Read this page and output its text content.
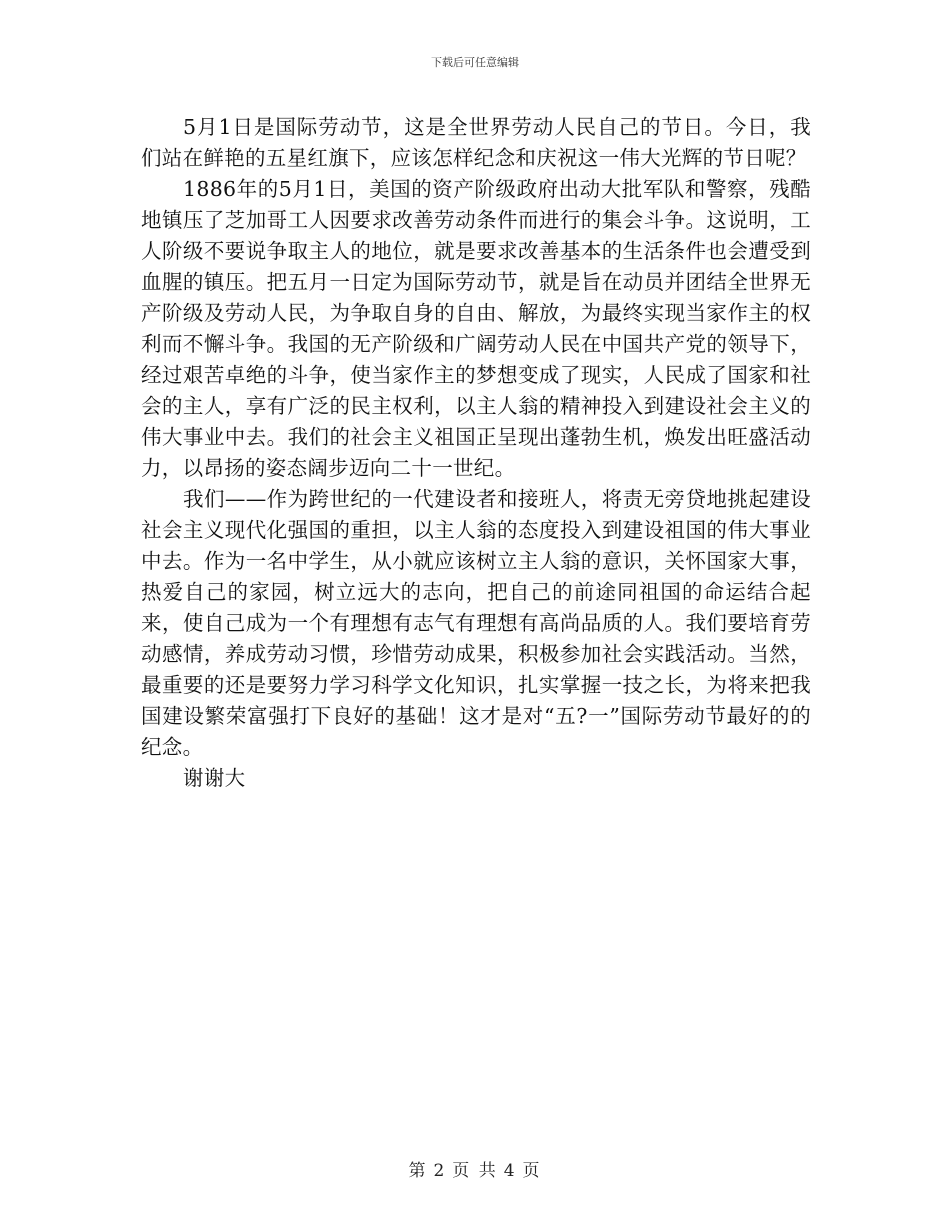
下载后可任意编辑

5月1日是国际劳动节，这是全世界劳动人民自己的节日。今日，我们站在鲜艳的五星红旗下，应该怎样纪念和庆祝这一伟大光辉的节日呢？

1886年的5月1日，美国的资产阶级政府出动大批军队和警察，残酷地镇压了芝加哥工人因要求改善劳动条件而进行的集会斗争。这说明，工人阶级不要说争取主人的地位，就是要求改善基本的生活条件也会遭受到血腥的镇压。把五月一日定为国际劳动节，就是旨在动员并团结全世界无产阶级及劳动人民，为争取自身的自由、解放，为最终实现当家作主的权利而不懈斗争。我国的无产阶级和广阔劳动人民在中国共产党的领导下，经过艰苦卓绝的斗争，使当家作主的梦想变成了现实，人民成了国家和社会的主人，享有广泛的民主权利，以主人翁的精神投入到建设社会主义的伟大事业中去。我们的社会主义祖国正呈现出蓬勃生机，焕发出旺盛活动力，以昂扬的姿态阔步迈向二十一世纪。

我们——作为跨世纪的一代建设者和接班人，将责无旁贷地挑起建设社会主义现代化强国的重担，以主人翁的态度投入到建设祖国的伟大事业中去。作为一名中学生，从小就应该树立主人翁的意识，关怀国家大事，热爱自己的家园，树立远大的志向，把自己的前途同祖国的命运结合起来，使自己成为一个有理想有志气有理想有高尚品质的人。我们要培育劳动感情，养成劳动习惯，珍惜劳动成果，积极参加社会实践活动。当然，最重要的还是要努力学习科学文化知识，扎实掌握一技之长，为将来把我国建设繁荣富强打下良好的基础！这才是对“五?一”国际劳动节最好的的纪念。

谢谢大

第 2 页 共 4 页
